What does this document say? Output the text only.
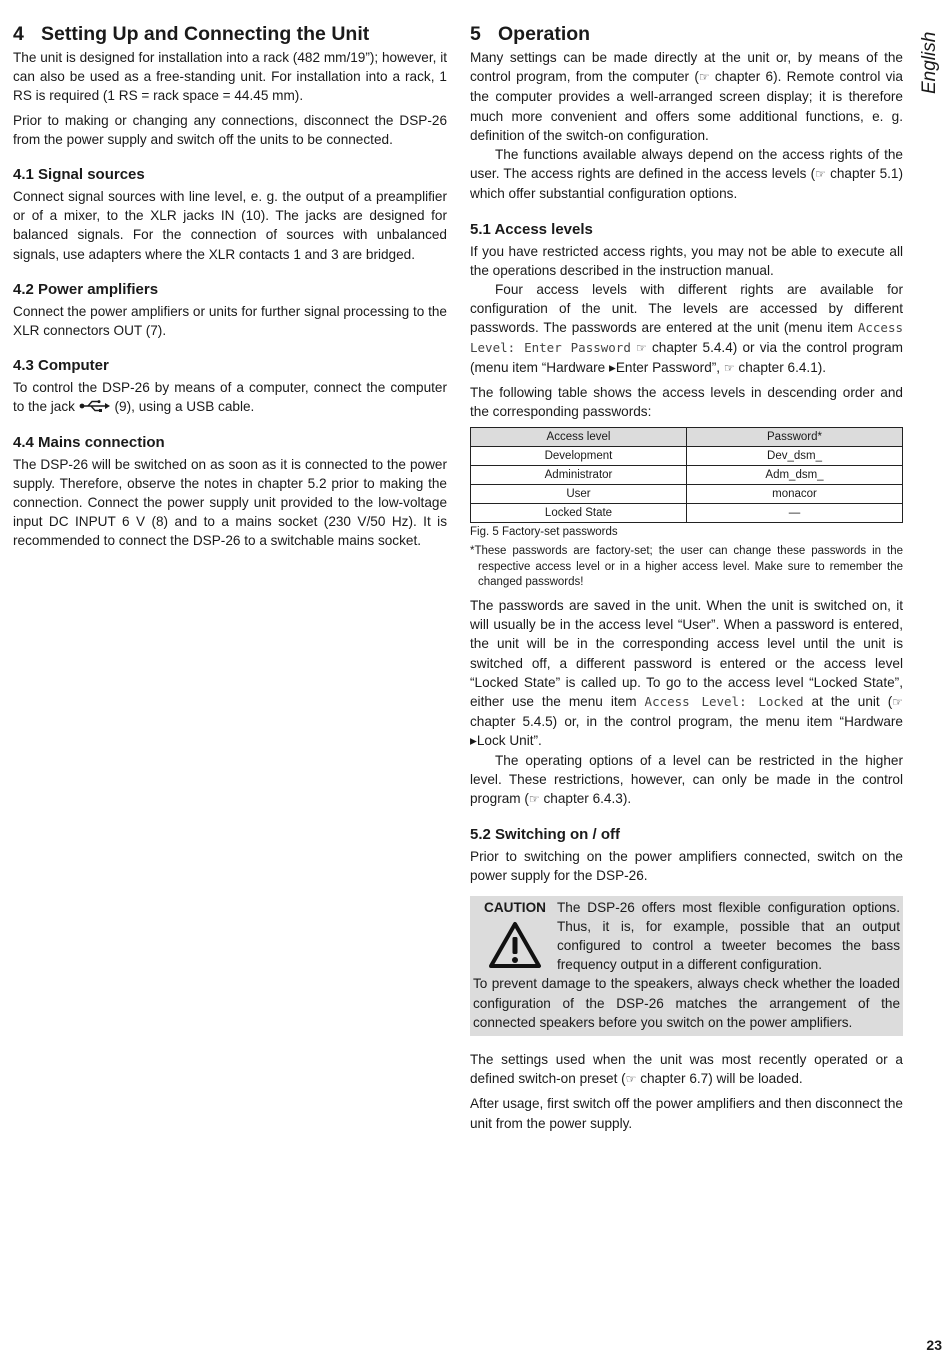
English
4 Setting Up and Connecting the Unit

The unit is designed for installation into a rack (482 mm/19”); however, it can also be used as a free-standing unit. For installation into a rack, 1 RS is required (1 RS = rack space = 44.45 mm).

Prior to making or changing any connections, disconnect the DSP-26 from the power supply and switch off the units to be connected.

4.1 Signal sources

Connect signal sources with line level, e. g. the output of a preamplifier or of a mixer, to the XLR jacks IN (10). The jacks are designed for balanced signals. For the connection of sources with unbalanced signals, use adapters where the XLR contacts 1 and 3 are bridged.

4.2 Power amplifiers

Connect the power amplifiers or units for further signal processing to the XLR connectors OUT (7).

4.3 Computer

To control the DSP-26 by means of a computer, connect the computer to the jack	(9), using a USB cable.

4.4 Mains connection

The DSP-26 will be switched on as soon as it is connected to the power supply. Therefore, observe the notes in chapter 5.2 prior to making the connection. Connect the power supply unit provided to the low-voltage input DC INPUT 6 V (8) and to a mains socket (230 V/50 Hz). It is recommended to connect the DSP-26 to a switchable mains socket.

5 Operation

Many settings can be made directly at the unit or, by means of the control program, from the computer (☞ chapter 6). Remote control via the computer provides a well-arranged screen display; it is therefore much more convenient and offers some additional functions, e. g. definition of the switch-on configuration.

The functions available always depend on the access rights of the user. The access rights are defined in the access levels (☞ chapter 5.1) which offer substantial configuration options.

5.1 Access levels

If you have restricted access rights, you may not be able to execute all the operations described in the instruction manual.

Four access levels with different rights are available for configuration of the unit. The levels are accessed by different passwords. The passwords are entered at the unit (menu item Access Level: Enter Password ☞ chapter 5.4.4) or via the control program (menu item “Hardware ▸Enter Password”, ☞ chapter 6.4.1).

The following table shows the access levels in descending order and the corresponding passwords:

Access level	Password*
Development	Dev_dsm_
Administrator	Adm_dsm_
User	monacor
Locked State	—
Fig. 5 Factory-set passwords
*These passwords are factory-set; the user can change these passwords in the respective access level or in a higher access level. Make sure to remember the changed passwords!

The passwords are saved in the unit. When the unit is switched on, it will usually be in the access level “User”. When a password is entered, the unit will be in the corresponding access level until the unit is switched off, a different password is entered or the access level “Locked State” is called up. To go to the access level “Locked State”, either use the menu item Access Level: Locked at the unit (☞ chapter 5.4.5) or, in the control program, the menu item “Hardware ▸Lock Unit”.

The operating options of a level can be restricted in the higher level. These restrictions, however, can only be made in the control program (☞ chapter 6.4.3).

5.2 Switching on / off

Prior to switching on the power amplifiers connected, switch on the power supply for the DSP-26.

CAUTION The DSP-26 offers most flexible configuration options. Thus, it is, for example, possible that an output configured to control a tweeter becomes the bass frequency output in a different configuration.
To prevent damage to the speakers, always check whether the loaded configuration of the DSP-26 matches the arrangement of the connected speakers before you switch on the power amplifiers.

The settings used when the unit was most recently operated or a defined switch-on preset (☞ chapter 6.7) will be loaded.

After usage, first switch off the power amplifiers and then disconnect the unit from the power supply.

23
